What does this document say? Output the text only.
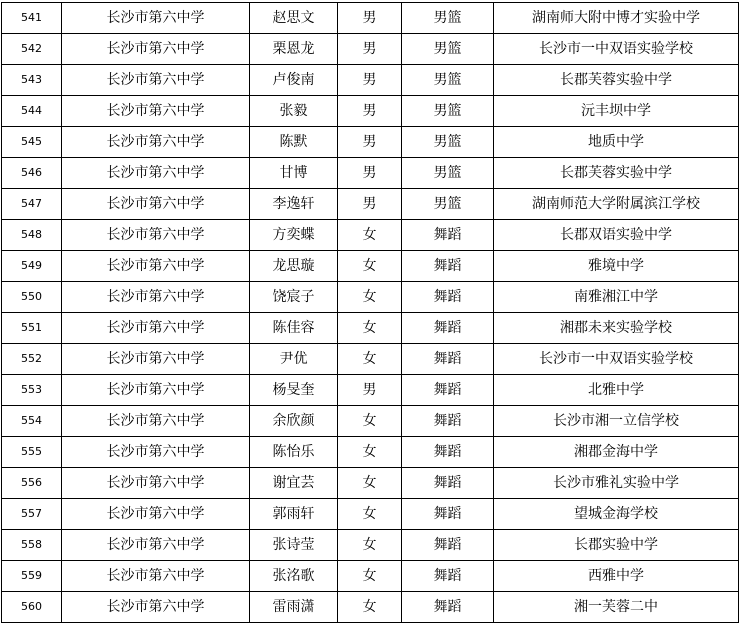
541	长沙市第六中学	赵思文	男	男篮	湖南师大附中博才实验中学
542	长沙市第六中学	栗恩龙	男	男篮	长沙市一中双语实验学校
543	长沙市第六中学	卢俊南	男	男篮	长郡芙蓉实验中学
544	长沙市第六中学	张毅	男	男篮	沅丰坝中学
545	长沙市第六中学	陈默	男	男篮	地质中学
546	长沙市第六中学	甘博	男	男篮	长郡芙蓉实验中学
547	长沙市第六中学	李逸轩	男	男篮	湖南师范大学附属滨江学校
548	长沙市第六中学	方奕蝶	女	舞蹈	长郡双语实验中学
549	长沙市第六中学	龙思璇	女	舞蹈	雅境中学
550	长沙市第六中学	饶宸子	女	舞蹈	南雅湘江中学
551	长沙市第六中学	陈佳容	女	舞蹈	湘郡未来实验学校
552	长沙市第六中学	尹优	女	舞蹈	长沙市一中双语实验学校
553	长沙市第六中学	杨旻奎	男	舞蹈	北雅中学
554	长沙市第六中学	余欣颜	女	舞蹈	长沙市湘一立信学校
555	长沙市第六中学	陈怡乐	女	舞蹈	湘郡金海中学
556	长沙市第六中学	谢宜芸	女	舞蹈	长沙市雅礼实验中学
557	长沙市第六中学	郭雨轩	女	舞蹈	望城金海学校
558	长沙市第六中学	张诗莹	女	舞蹈	长郡实验中学
559	长沙市第六中学	张洺歌	女	舞蹈	西雅中学
560	长沙市第六中学	雷雨潇	女	舞蹈	湘一芙蓉二中
